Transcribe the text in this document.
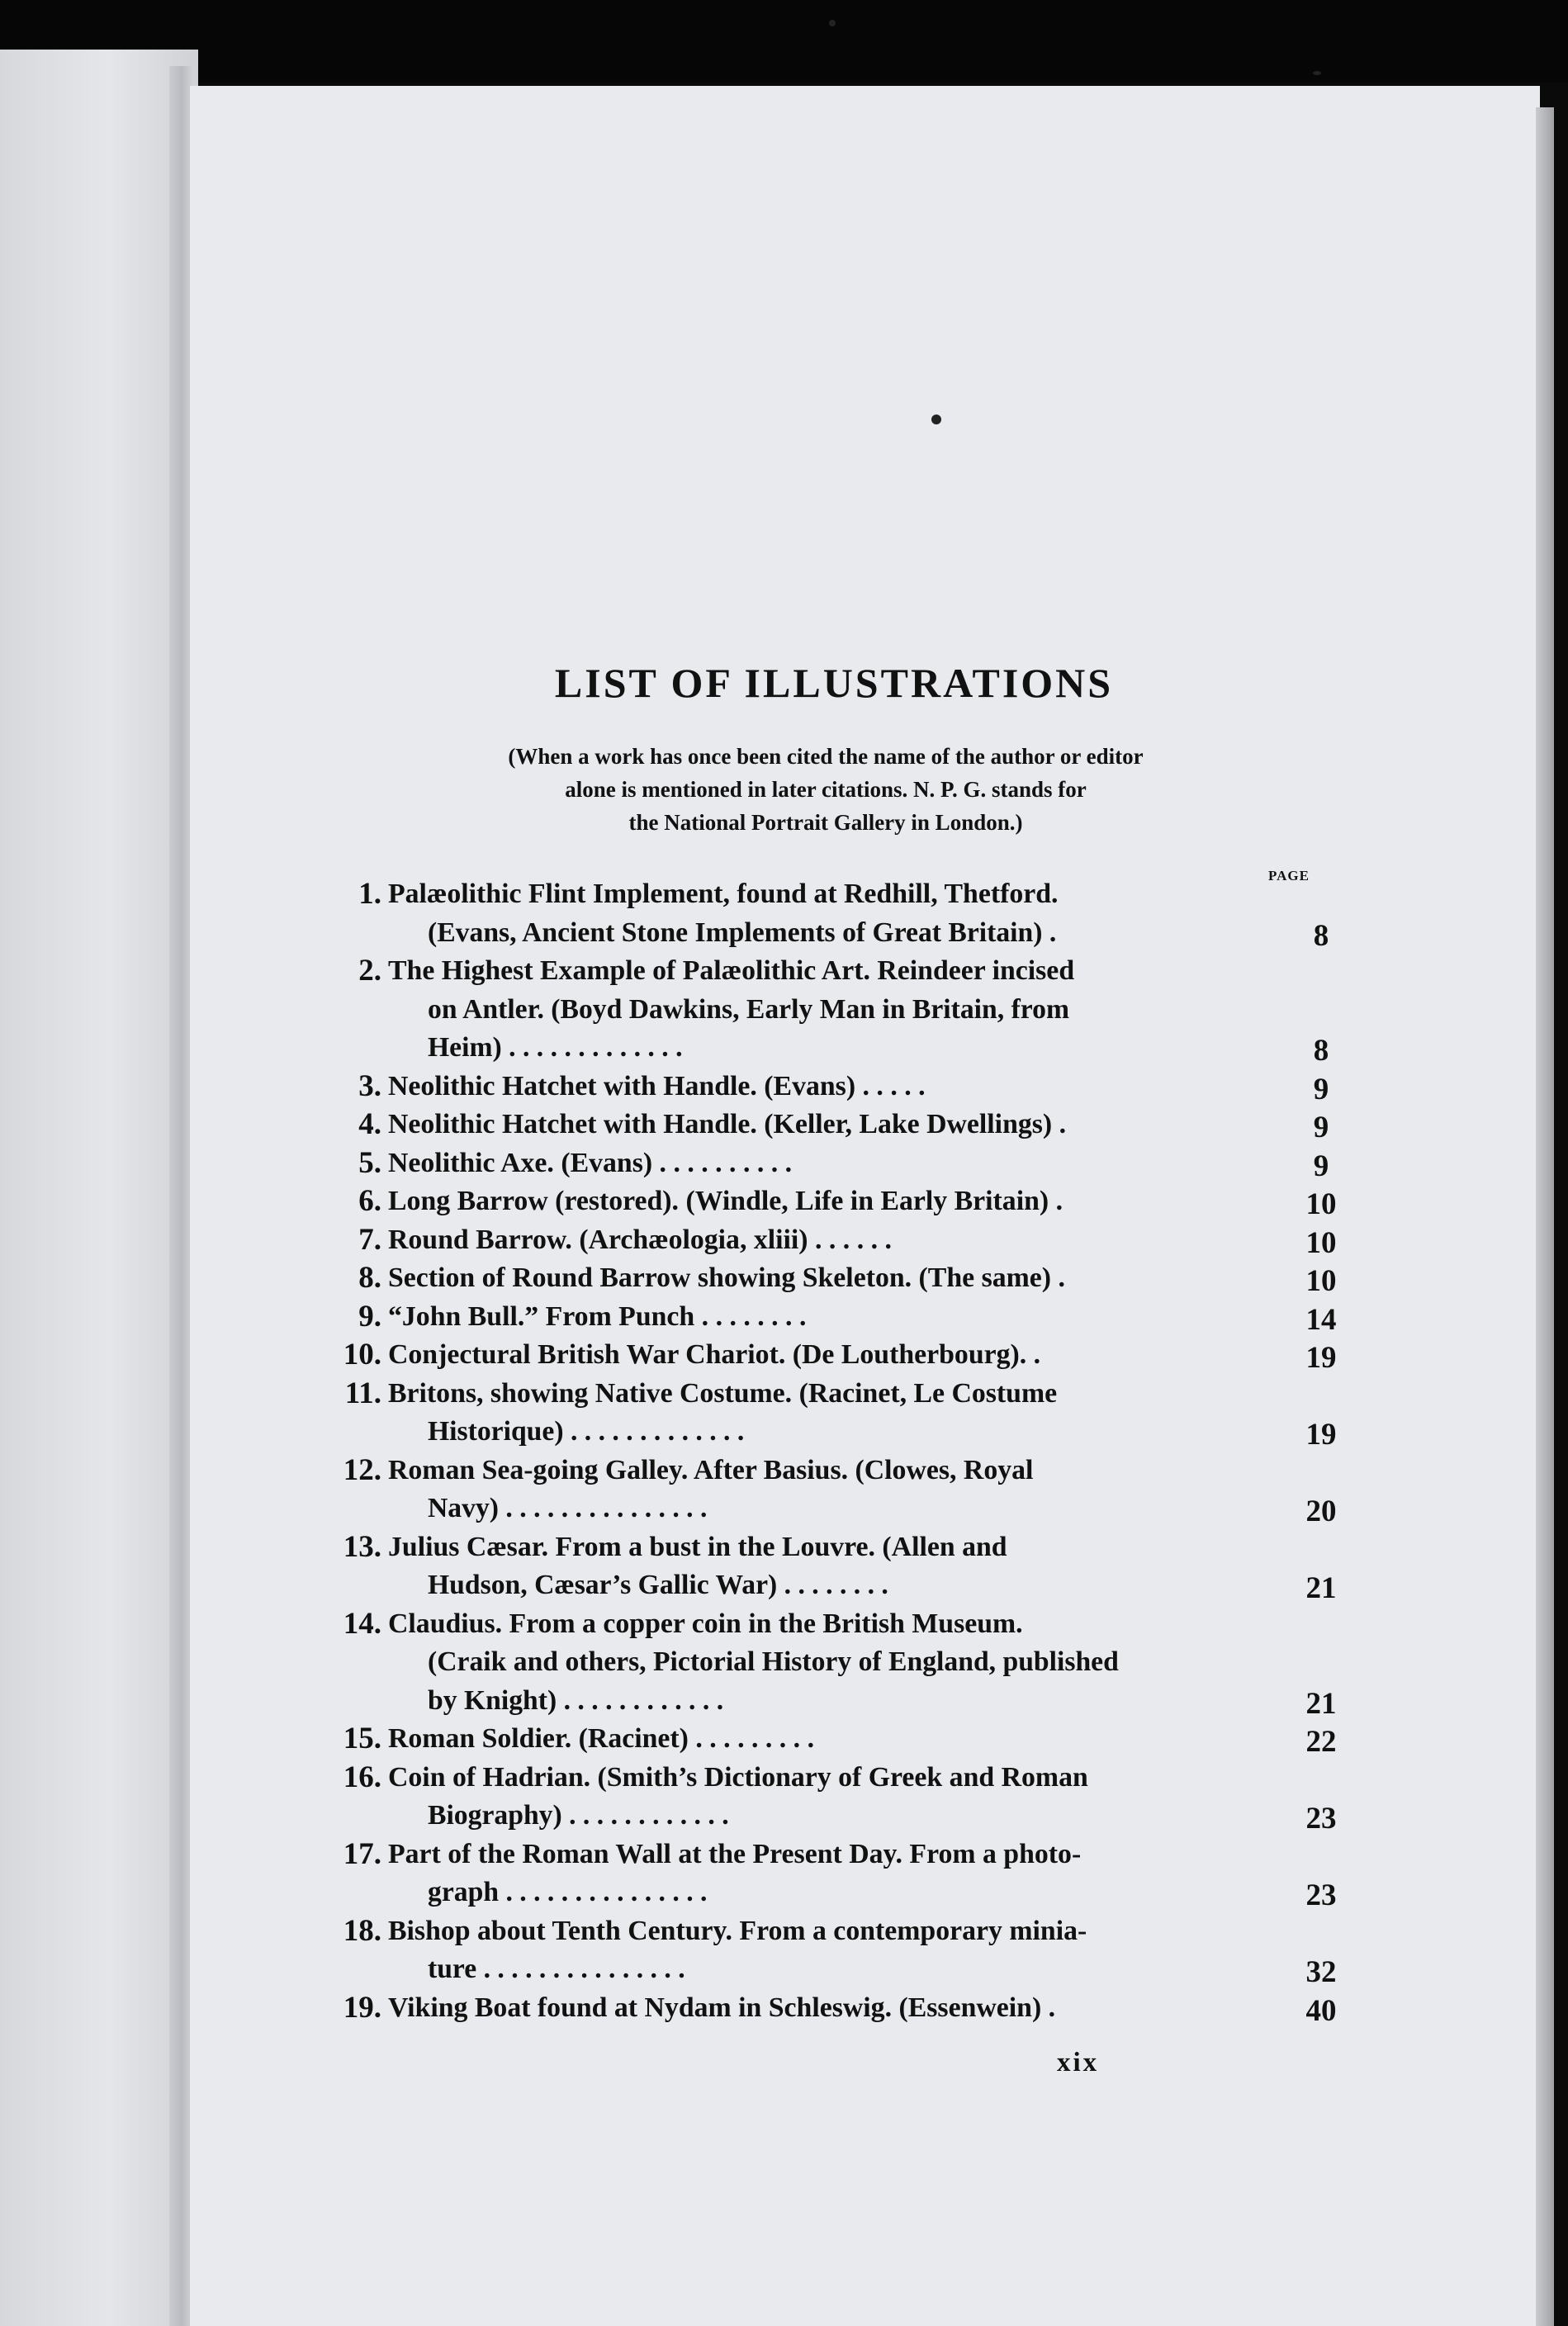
LIST OF ILLUSTRATIONS
(When a work has once been cited the name of the author or editor
alone is mentioned in later citations. N. P. G. stands for
the National Portrait Gallery in London.)
PAGE
1. Palæolithic Flint Implement, found at Redhill, Thetford.
(Evans, Ancient Stone Implements of Great Britain) .	8
2. The Highest Example of Palæolithic Art. Reindeer incised
on Antler. (Boyd Dawkins, Early Man in Britain, from
Heim) . . . . . . . . . . . . .	8
3. Neolithic Hatchet with Handle. (Evans) . . . . .	9
4. Neolithic Hatchet with Handle. (Keller, Lake Dwellings) .	9
5. Neolithic Axe. (Evans) . . . . . . . . . .	9
6. Long Barrow (restored). (Windle, Life in Early Britain) .	10
7. Round Barrow. (Archæologia, xliii) . . . . . .	10
8. Section of Round Barrow showing Skeleton. (The same) .	10
9. “John Bull.” From Punch . . . . . . . .	14
10. Conjectural British War Chariot. (De Loutherbourg). .	19
11. Britons, showing Native Costume. (Racinet, Le Costume
Historique) . . . . . . . . . . . . .	19
12. Roman Sea-going Galley. After Basius. (Clowes, Royal
Navy) . . . . . . . . . . . . . . .	20
13. Julius Cæsar. From a bust in the Louvre. (Allen and
Hudson, Cæsar’s Gallic War) . . . . . . . .	21
14. Claudius. From a copper coin in the British Museum.
(Craik and others, Pictorial History of England, published
by Knight) . . . . . . . . . . . .	21
15. Roman Soldier. (Racinet) . . . . . . . . .	22
16. Coin of Hadrian. (Smith’s Dictionary of Greek and Roman
Biography) . . . . . . . . . . . .	23
17. Part of the Roman Wall at the Present Day. From a photo-
graph . . . . . . . . . . . . . . .	23
18. Bishop about Tenth Century. From a contemporary minia-
ture . . . . . . . . . . . . . . .	32
19. Viking Boat found at Nydam in Schleswig. (Essenwein) .	40
xix
